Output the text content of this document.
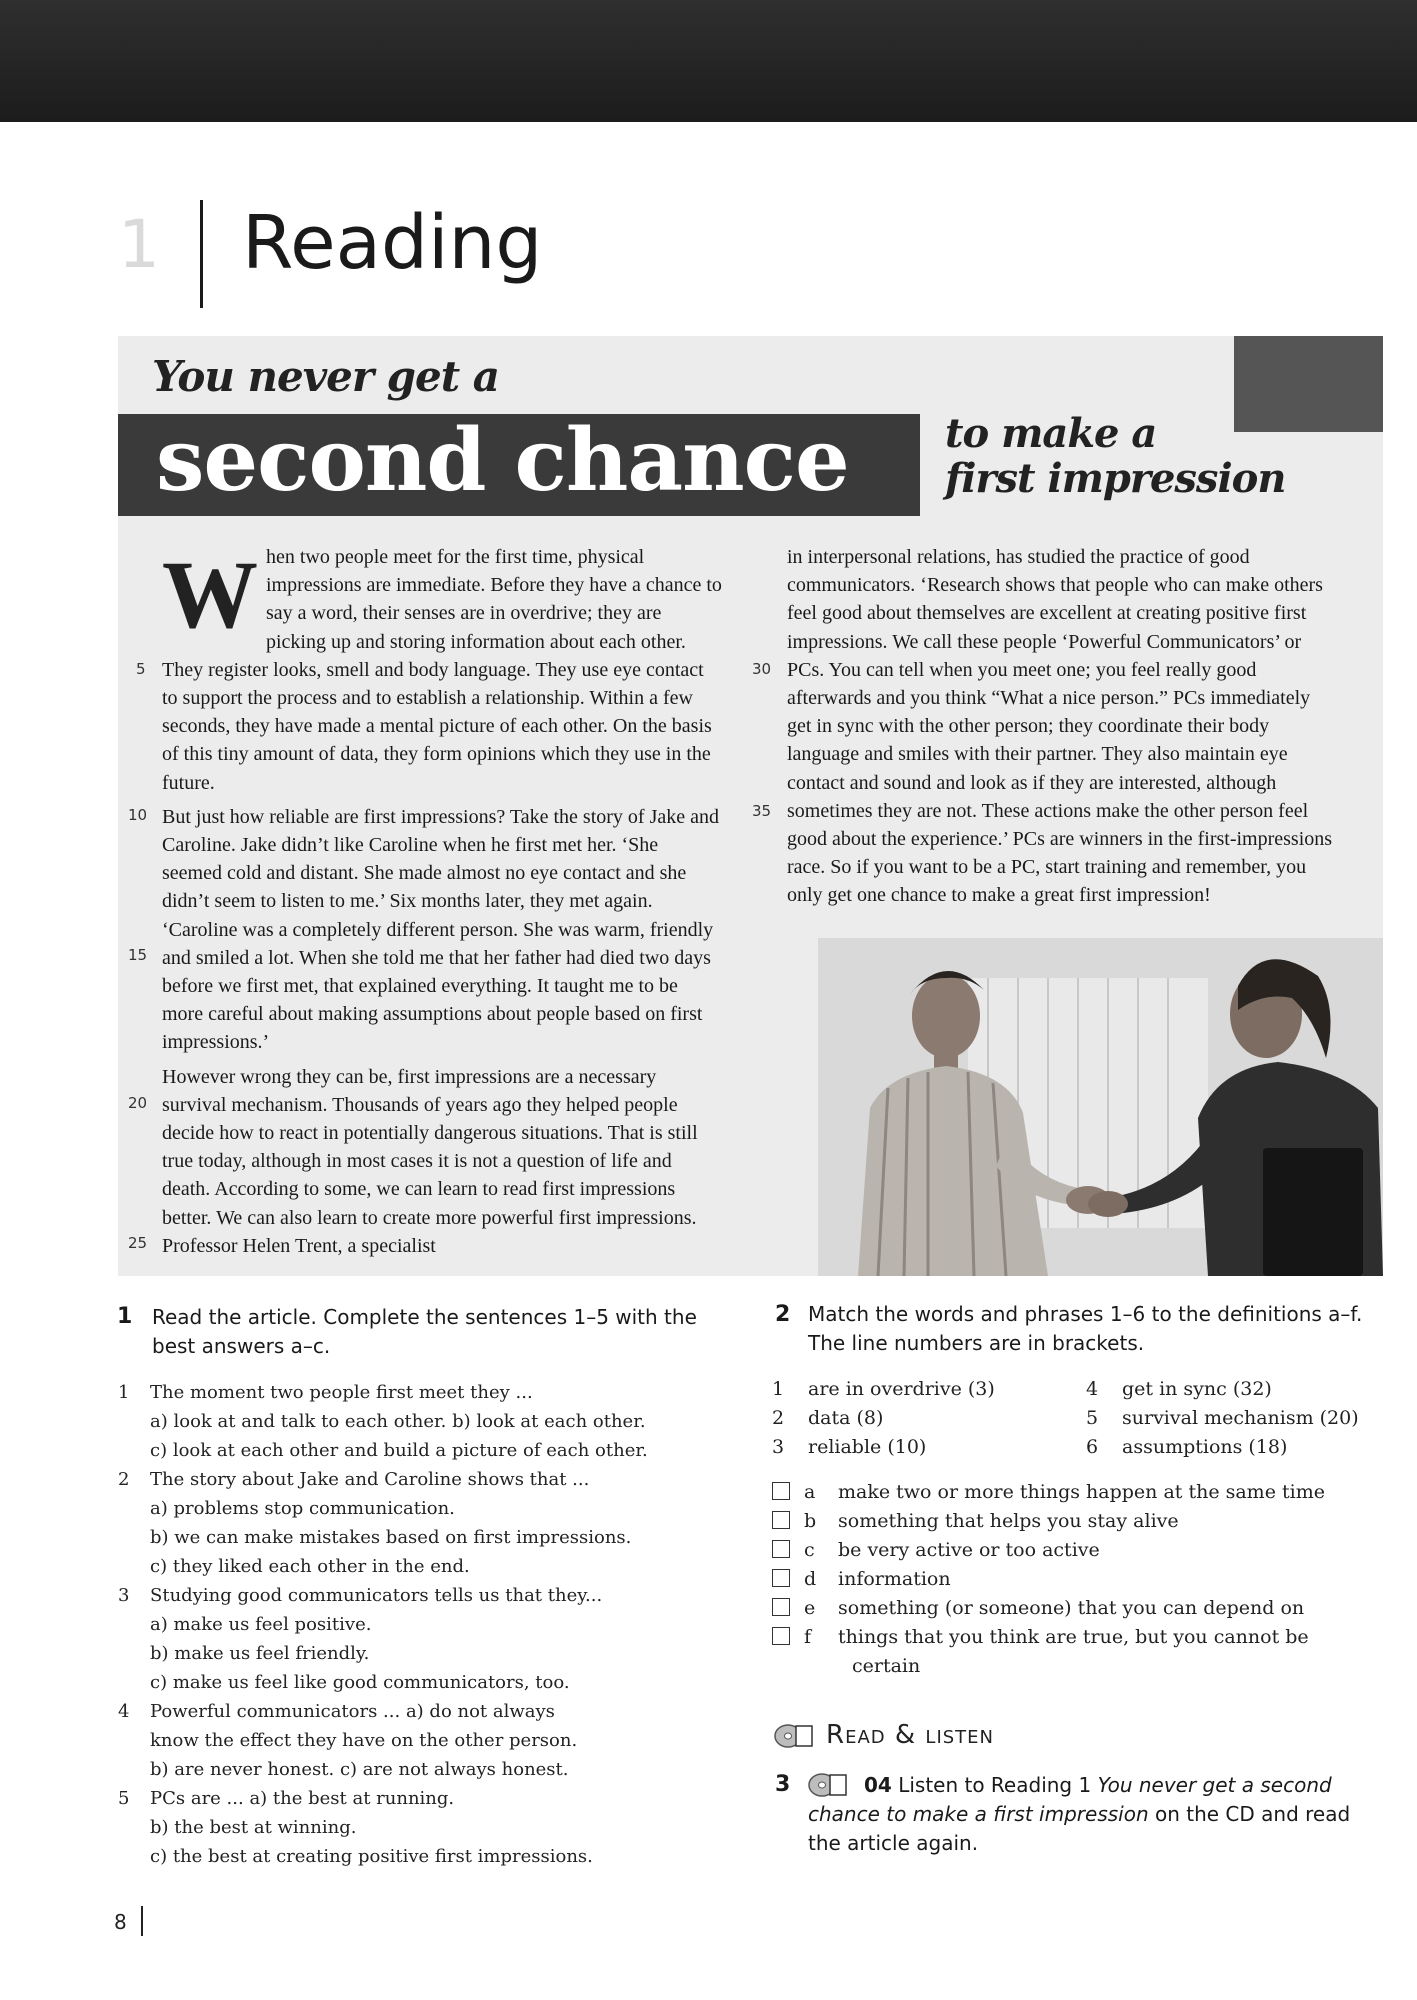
1 Reading
You never get a
second chance to make a
first impression

When two people meet for the first time, physical impressions are immediate. Before they have a chance to say a word, their senses are in overdrive; they are picking up and storing information about each other. They register looks, smell and body language. They use eye contact to support the process and to establish a relationship. Within a few seconds, they have made a mental picture of each other. On the basis of this tiny amount of data, they form opinions which they use in the future.

But just how reliable are first impressions? Take the story of Jake and Caroline. Jake didn’t like Caroline when he first met her. ‘She seemed cold and distant. She made almost no eye contact and she didn’t seem to listen to me.’ Six months later, they met again. ‘Caroline was a completely different person. She was warm, friendly and smiled a lot. When she told me that her father had died two days before we first met, that explained everything. It taught me to be more careful about making assumptions about people based on first impressions.’

However wrong they can be, first impressions are a necessary survival mechanism. Thousands of years ago they helped people decide how to react in potentially dangerous situations. That is still true today, although in most cases it is not a question of life and death. According to some, we can learn to read first impressions better. We can also learn to create more powerful first impressions. Professor Helen Trent, a specialist

in interpersonal relations, has studied the practice of good communicators. ‘Research shows that people who can make others feel good about themselves are excellent at creating positive first impressions. We call these people ‘Powerful Communicators’ or PCs. You can tell when you meet one; you feel really good afterwards and you think “What a nice person.” PCs immediately get in sync with the other person; they coordinate their body language and smiles with their partner. They also maintain eye contact and sound and look as if they are interested, although sometimes they are not. These actions make the other person feel good about the experience.’ PCs are winners in the first-impressions race. So if you want to be a PC, start training and remember, you only get one chance to make a great first impression!

5
10
15
20
25
30
35
1 Read the article. Complete the sentences 1–5 with the best answers a–c.
1 The moment two people first meet they ...
a) look at and talk to each other. b) look at each other.
c) look at each other and build a picture of each other.
2 The story about Jake and Caroline shows that ...
a) problems stop communication.
b) we can make mistakes based on first impressions.
c) they liked each other in the end.
3 Studying good communicators tells us that they...
a) make us feel positive.
b) make us feel friendly.
c) make us feel like good communicators, too.
4 Powerful communicators ... a) do not always
know the effect they have on the other person.
b) are never honest. c) are not always honest.
5 PCs are ... a) the best at running.
b) the best at winning.
c) the best at creating positive first impressions.
2 Match the words and phrases 1–6 to the definitions a–f. The line numbers are in brackets.
1 are in overdrive (3)
2 data (8)
3 reliable (10)
4 get in sync (32)
5 survival mechanism (20)
6 assumptions (18)
a make two or more things happen at the same time
b something that helps you stay alive
c be very active or too active
d information
e something (or someone) that you can depend on
f things that you think are true, but you cannot be
certain
Read & listen
3	04 Listen to Reading 1 You never get a second chance to make a first impression on the CD and read the article again.
8
